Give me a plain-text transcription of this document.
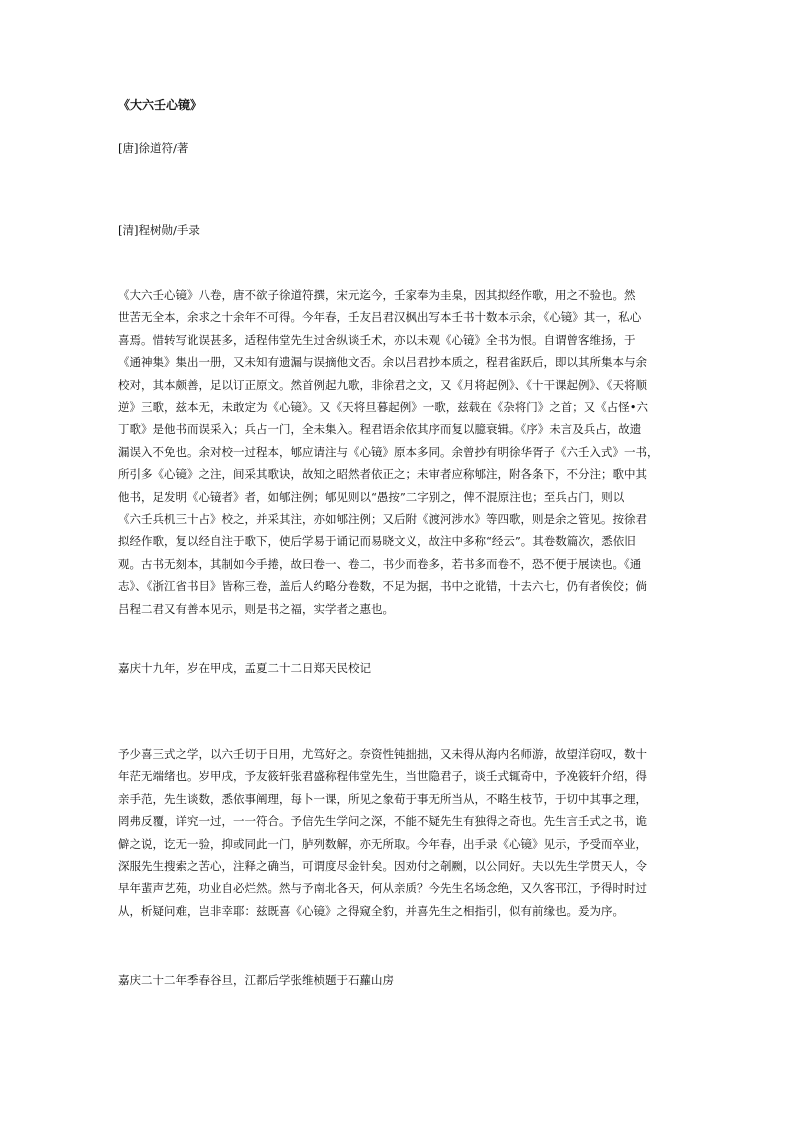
《大六壬心镜》

[唐]徐道符/著

[清]程树勋/手录

《大六壬心镜》八卷，唐不欲子徐道符撰，宋元迄今，壬家奉为圭臬，因其拟经作歌，用之不验也。然
世苦无全本，余求之十余年不可得。今年春，壬友吕君汉枫出写本壬书十数本示余，《心镜》其一，私心
喜焉。惜转写讹误甚多，适程伟堂先生过舍纵谈壬术，亦以未观《心镜》全书为恨。自谓曾客维扬，于
《通神集》集出一册，又未知有遗漏与误摘他文否。余以吕君抄本质之，程君雀跃后，即以其所集本与余
校对，其本颇善，足以订正原文。然首例起九歌，非徐君之文，又《月将起例》、《十干课起例》、《天将顺
逆》三歌，兹本无，未敢定为《心镜》。又《天将旦暮起例》一歌，兹载在《杂将门》之首；又《占怪•六
丁歌》是他书而误采入；兵占一门，全未集入。程君语余依其序而复以臆衰辑。《序》未言及兵占，故遗
漏误入不免也。余对校一过程本，郇应请注与《心镜》原本多同。余曾抄有明徐华胥子《六壬入式》一书，
所引多《心镜》之注，间采其歌诀，故知之昭然者依正之；未审者应称郇注，附各条下，不分注；歌中其
他书，足发明《心镜者》者，如郇注例；郇见则以“愚按”二字别之，俾不混原注也；至兵占门，则以
《六壬兵机三十占》校之，并采其注，亦如郇注例；又后附《渡河涉水》等四歌，则是余之管见。按徐君
拟经作歌，复以经自注于歌下，使后学易于诵记而易晓文义，故注中多称“经云”。其卷数篇次，悉依旧
观。古书无刻本，其制如今手捲，故曰卷一、卷二，书少而卷多，若书多而卷不，恐不便于展读也。《通
志》、《浙江省书目》皆称三卷，盖后人约略分卷数，不足为据，书中之讹错，十去六七，仍有者俟佼；倘
吕程二君又有善本见示，则是书之福，实学者之惠也。

嘉庆十九年，岁在甲戌，孟夏二十二日郑天民校记

予少喜三式之学，以六壬切于日用，尤笃好之。奈资性钝拙拙，又未得从海内名师游，故望洋窃叹，数十
年茫无端绪也。岁甲戌，予友筱轩张君盛称程伟堂先生，当世隐君子，谈壬式辄奇中，予凂筱轩介绍，得
亲手范，先生谈数，悉依事阐理，每卜一课，所见之象荀于事无所当从，不略生枝节，于切中其事之理，
罔弗反覆，详究一过，一一符合。予信先生学问之深，不能不疑先生有独得之奇也。先生言壬式之书，诡
僻之说，讫无一验，抑或同此一门，胪列数解，亦无所取。今年春，出手录《心镜》见示，予受而卒业，
深服先生搜索之苦心，注释之确当，可谓度尽金针矣。因劝付之剞劂，以公同好。夫以先生学贯天人，令
早年蜚声艺苑，功业自必烂然。然与予南北各天，何从亲质？今先生名场念绝，又久客邗江，予得时时过
从，析疑问难，岂非幸耶：兹既喜《心镜》之得窥全豹，并喜先生之相指引，似有前缘也。爰为序。

嘉庆二十二年季春谷旦，江都后学张维桢题于石蘿山房
